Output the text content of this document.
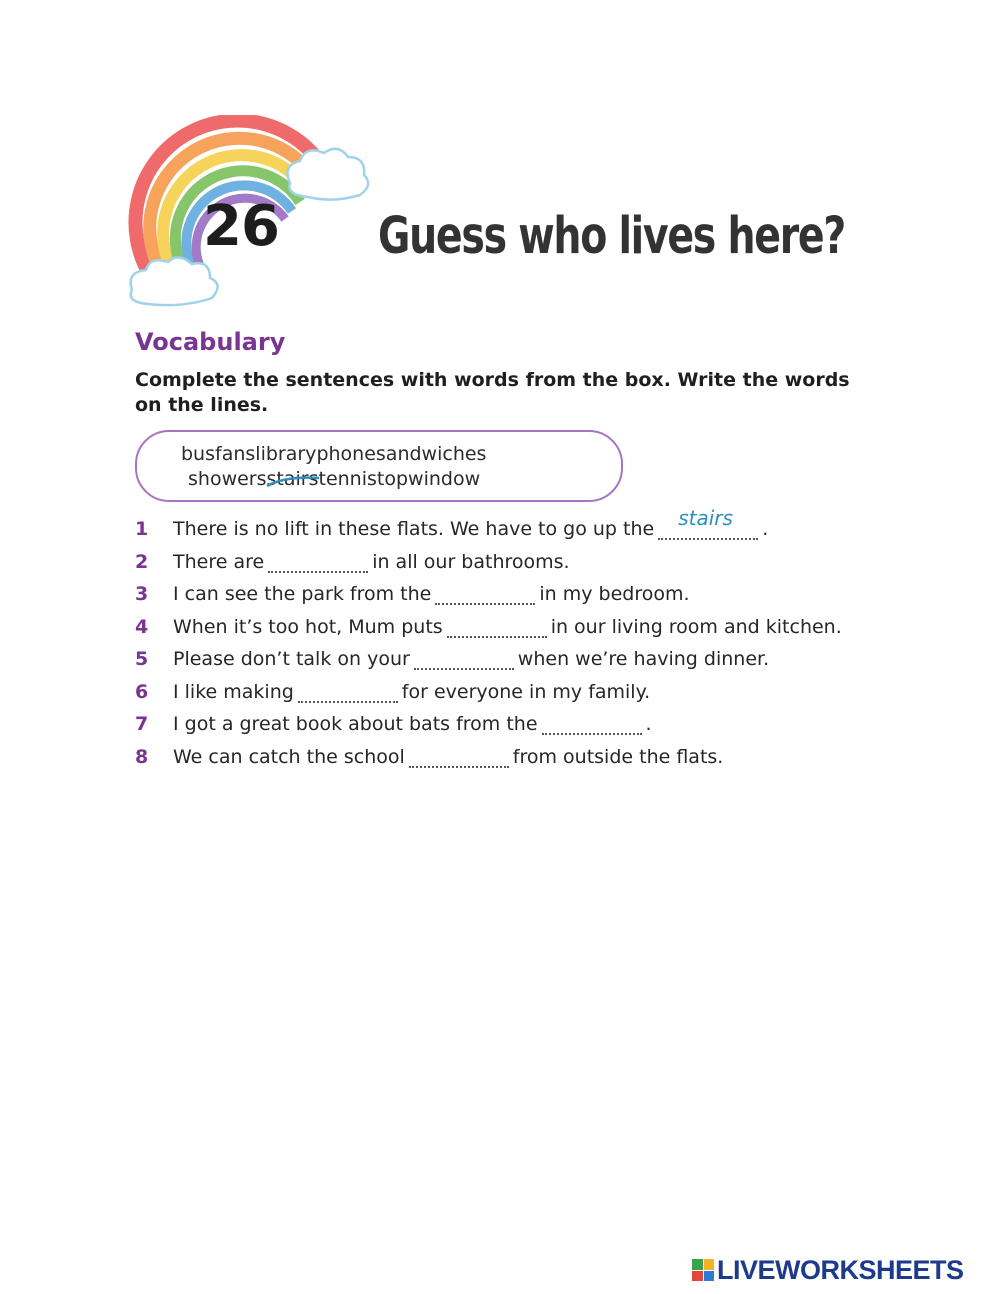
26 Guess who lives here?
Vocabulary
Complete the sentences with words from the box. Write the words on the lines.
busfanslibraryphonesandwiches
showersstairs
tennistopwindow
1 There is no lift in these flats. We have to go up the stairs .
2 There are	in all our bathrooms.
3 I can see the park from the	in my bedroom.
4 When it’s too hot, Mum puts	in our living room and kitchen.
5 Please don’t talk on your	when we’re having dinner.
6 I like making	for everyone in my family.
7 I got a great book about bats from the	.
8 We can catch the school	from outside the flats.
LIVEWORKSHEETS
